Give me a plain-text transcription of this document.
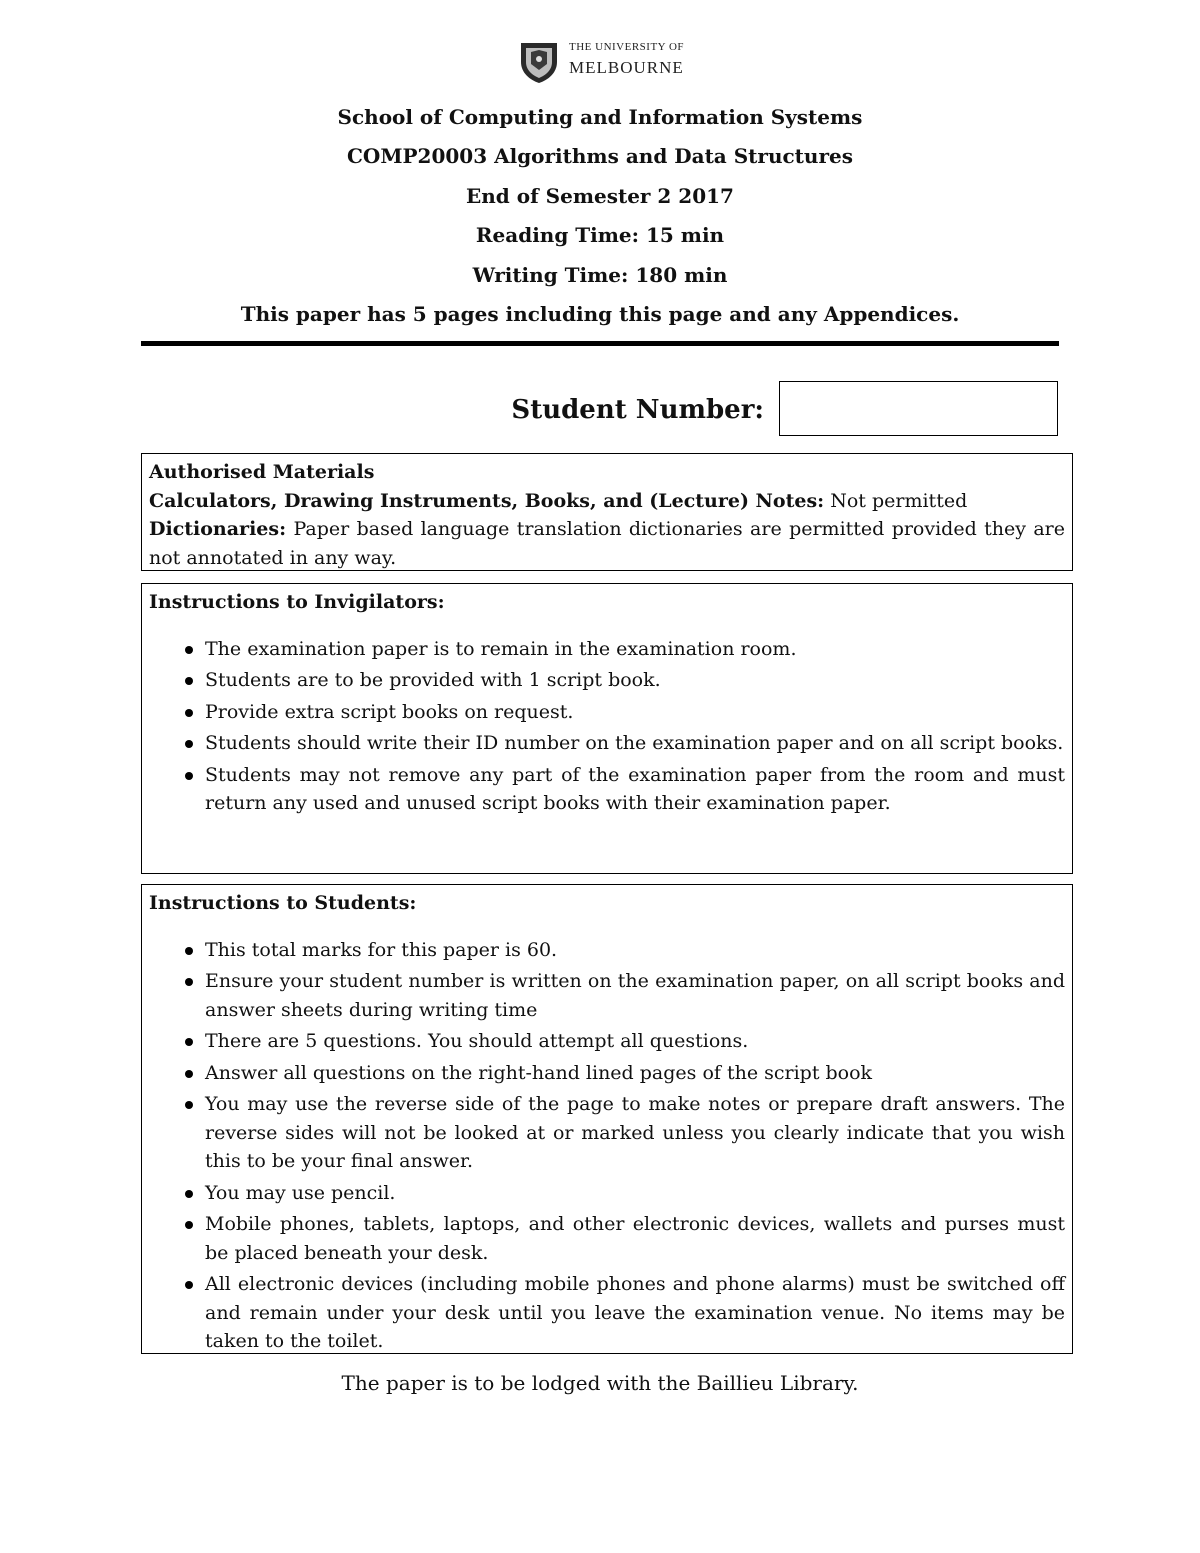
THE UNIVERSITY OF
MELBOURNE
School of Computing and Information Systems
COMP20003 Algorithms and Data Structures
End of Semester 2 2017
Reading Time: 15 min
Writing Time: 180 min
This paper has 5 pages including this page and any Appendices.
Student Number:
Authorised Materials
Calculators, Drawing Instruments, Books, and (Lecture) Notes: Not permitted
Dictionaries: Paper based language translation dictionaries are permitted provided they are not annotated in any way.
Instructions to Invigilators:
The examination paper is to remain in the examination room.
Students are to be provided with 1 script book.
Provide extra script books on request.
Students should write their ID number on the examination paper and on all script books.
Students may not remove any part of the examination paper from the room and must return any used and unused script books with their examination paper.
Instructions to Students:
This total marks for this paper is 60.
Ensure your student number is written on the examination paper, on all script books and answer sheets during writing time
There are 5 questions. You should attempt all questions.
Answer all questions on the right-hand lined pages of the script book
You may use the reverse side of the page to make notes or prepare draft answers. The reverse sides will not be looked at or marked unless you clearly indicate that you wish this to be your final answer.
You may use pencil.
Mobile phones, tablets, laptops, and other electronic devices, wallets and purses must be placed beneath your desk.
All electronic devices (including mobile phones and phone alarms) must be switched off and remain under your desk until you leave the examination venue. No items may be taken to the toilet.
The paper is to be lodged with the Baillieu Library.
